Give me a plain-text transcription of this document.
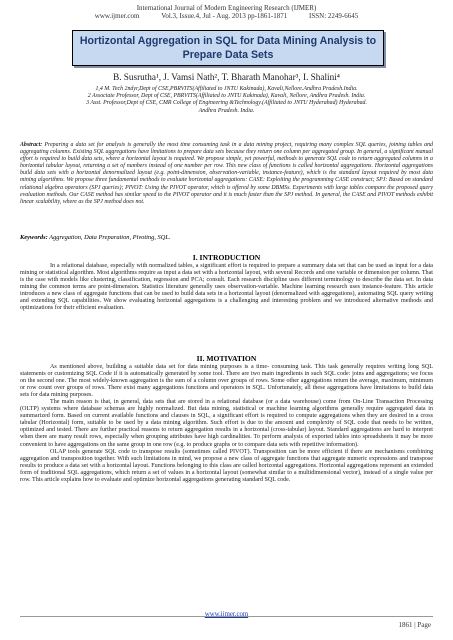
International Journal of Modern Engineering Research (IJMER)
www.ijmer.com	Vol.3, Issue.4, Jul - Aug. 2013 pp-1861-1871	ISSN: 2249-6645
Hortizontal Aggregation in SQL for Data Mining Analysis to
Prepare Data Sets
B. Susrutha¹, J. Vamsi Nath², T. Bharath Manohar³, I. Shalini⁴
1,4 M. Tech 2ndyr,Dept of CSE,PBRVITS(Affiliated to JNTU Kakinada), Kavali,Nellore.Andhra Pradesh.India.
2 Associate Professor, Dept of CSE, PBRVITS(Affiliated to JNTU Kakinada), Kavali, Nellore, Andhra Pradesh. India.
3 Asst. Professor,Dept of CSE, CMR College of Engineering &Technology.(Affiliated to JNTU Hyderabad) Hyderabad.
Andhra Pradesh. India.
Abstract: Preparing a data set for analysis is generally the most time consuming task in a data mining project, requiring many complex SQL queries, joining tables and aggregating columns. Existing SQL aggregations have limitations to prepare data sets because they return one column per aggregated group. In general, a significant manual effort is required to build data sets, where a horizontal layout is required. We propose simple, yet powerful, methods to generate SQL code to return aggregated columns in a horizontal tabular layout, returning a set of numbers instead of one number per row. This new class of functions is called horizontal aggregations. Horizontal aggregations build data sets with a horizontal denormalized layout (e.g. point-dimension, observation-variable, instance-feature), which is the standard layout required by most data mining algorithms. We propose three fundamental methods to evaluate horizontal aggregations: CASE: Exploiting the programming CASE construct; SPJ: Based on standard relational algebra operators (SPJ queries); PIVOT: Using the PIVOT operator, which is offered by some DBMSs. Experiments with large tables compare the proposed query evaluation methods. Our CASE method has similar speed to the PIVOT operator and it is much faster than the SPJ method. In general, the CASE and PIVOT methods exhibit linear scalability, where as the SPJ method does not.
Keywords: Aggregation, Data Preparation, Pivoting, SQL.
I. INTRODUCTION
In a relational database, especially with normalized tables, a significant effort is required to prepare a summary data set that can be used as input for a data mining or statistical algorithm. Most algorithms require as input a data set with a horizontal layout, with several Records and one variable or dimension per column. That is the case with models like clustering, classification, regression and PCA; consult. Each research discipline uses different terminology to describe the data set. In data mining the common terms are point-dimension. Statistics literature generally uses observation-variable. Machine learning research uses instance-feature. This article introduces a new class of aggregate functions that can be used to build data sets in a horizontal layout (denormalized with aggregations), automating SQL query writing and extending SQL capabilities. We show evaluating horizontal aggregations is a challenging and interesting problem and we introduced alternative methods and optimizations for their efficient evaluation.
II. MOTIVATION
As mentioned above, building a suitable data set for data mining purposes is a time- consuming task. This task generally requires writing long SQL statements or customizing SQL Code if it is automatically generated by some tool. There are two main ingredients in such SQL code: joins and aggregations; we focus on the second one. The most widely-known aggregation is the sum of a column over groups of rows. Some other aggregations return the average, maximum, minimum or row count over groups of rows. There exist many aggregations functions and operators in SQL. Unfortunately, all these aggregations have limitations to build data sets for data mining purposes.
The main reason is that, in general, data sets that are stored in a relational database (or a data warehouse) come from On-Line Transaction Processing (OLTP) systems where database schemas are highly normalized. But data mining, statistical or machine learning algorithms generally require aggregated data in summarized form. Based on current available functions and clauses in SQL, a significant effort is required to compute aggregations when they are desired in a cross tabular (Horizontal) form, suitable to be used by a data mining algorithm. Such effort is due to the amount and complexity of SQL code that needs to be written, optimized and tested. There are further practical reasons to return aggregation results in a horizontal (cross-tabular) layout. Standard aggregations are hard to interpret when there are many result rows, especially when grouping attributes have high cardinalities. To perform analysis of exported tables into spreadsheets it may be more convenient to have aggregations on the same group in one row (e.g. to produce graphs or to compare data sets with repetitive information).
OLAP tools generate SQL code to transpose results (sometimes called PIVOT). Transposition can be more efficient if there are mechanisms combining aggregation and transposition together. With such limitations in mind, we propose a new class of aggregate functions that aggregate numeric expressions and transpose results to produce a data set with a horizontal layout. Functions belonging to this class are called horizontal aggregations. Horizontal aggregations represent an extended form of traditional SQL aggregations, which return a set of values in a horizontal layout (somewhat similar to a multidimensional vector), instead of a single value per row. This article explains how to evaluate and optimize horizontal aggregations generating standard SQL code.
www.ijmer.com
1861 | Page
